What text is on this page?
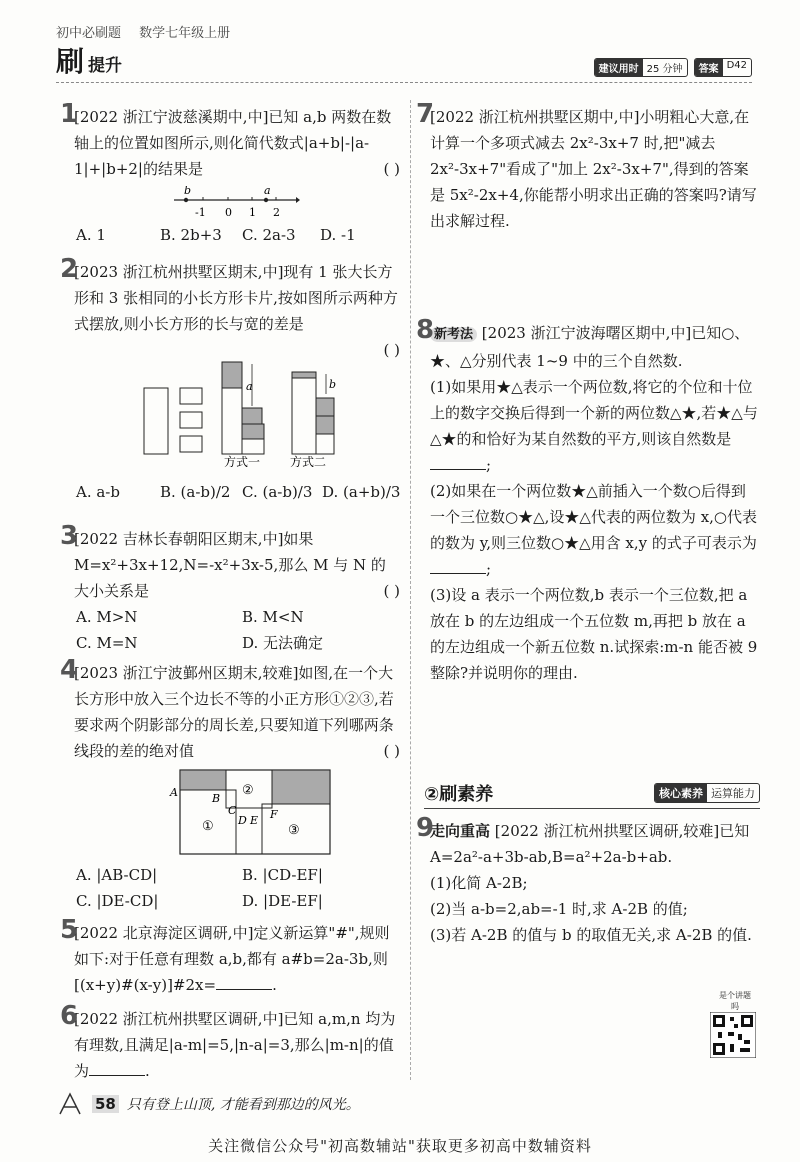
初中必刷题 数学七年级上册
刷 提升	建议用时 25 分钟	答案 D42
1
[2022 浙江宁波慈溪期中,中]已知 a,b 两数在数轴上的位置如图所示,则化简代数式|a+b|-|a-1|+|b+2|的结果是	( )
b	a
-1 0 1 2
A. 1	B. 2b+3	C. 2a-3	D. -1
2
[2023 浙江杭州拱墅区期末,中]现有 1 张大长方形和 3 张相同的小长方形卡片,按如图所示两种方式摆放,则小长方形的长与宽的差是
( )
a	b
方式一 方式二
A. a-b	B. (a-b)/2 C. (a-b)/3 D. (a+b)/3
3
[2022 吉林长春朝阳区期末,中]如果 M=x²+3x+12,N=-x²+3x-5,那么 M 与 N 的大小关系是	( )
A. M>N	B. M<N
C. M=N	D. 无法确定
4
[2023 浙江宁波鄞州区期末,较难]如图,在一个大长方形中放入三个边长不等的小正方形①②③,若要求两个阴影部分的周长差,只要知道下列哪两条线段的差的绝对值	( )
A	B
C
D E F
①
②
③
A. |AB-CD|	B. |CD-EF|
C. |DE-CD|	D. |DE-EF|
5
[2022 北京海淀区调研,中]定义新运算"#",规则如下:对于任意有理数 a,b,都有 a#b=2a-3b,则[(x+y)#(x-y)]#2x=	.
6
[2022 浙江杭州拱墅区调研,中]已知 a,m,n 均为有理数,且满足|a-m|=5,|n-a|=3,那么|m-n|的值为	.
7
[2022 浙江杭州拱墅区期中,中]小明粗心大意,在计算一个多项式减去 2x²-3x+7 时,把"减去 2x²-3x+7"看成了"加上 2x²-3x+7",得到的答案是 5x²-2x+4,你能帮小明求出正确的答案吗?请写出求解过程.
8 新考法 [2023 浙江宁波海曙区期中,中]已知○、★、△分别代表 1~9 中的三个自然数.
(1)如果用★△表示一个两位数,将它的个位和十位上的数字交换后得到一个新的两位数△★,若★△与△★的和恰好为某自然数的平方,则该自然数是;
(2)如果在一个两位数★△前插入一个数○后得到一个三位数○★△,设★△代表的两位数为 x,○代表的数为 y,则三位数○★△用含 x,y 的式子可表示为;
(3)设 a 表示一个两位数,b 表示一个三位数,把 a 放在 b 的左边组成一个五位数 m,再把 b 放在 a 的左边组成一个新五位数 n.试探索:m-n 能否被 9 整除?并说明你的理由.
②刷素养	核心素养 运算能力
9
走向重高 [2022 浙江杭州拱墅区调研,较难]已知 A=2a²-a+3b-ab,B=a²+2a-b+ab.
(1)化简 A-2B;
(2)当 a-b=2,ab=-1 时,求 A-2B 的值;
(3)若 A-2B 的值与 b 的取值无关,求 A-2B 的值.
是个讲题吗
58 只有登上山顶, 才能看到那边的风光。
关注微信公众号"初高数辅站"获取更多初高中数辅资料
